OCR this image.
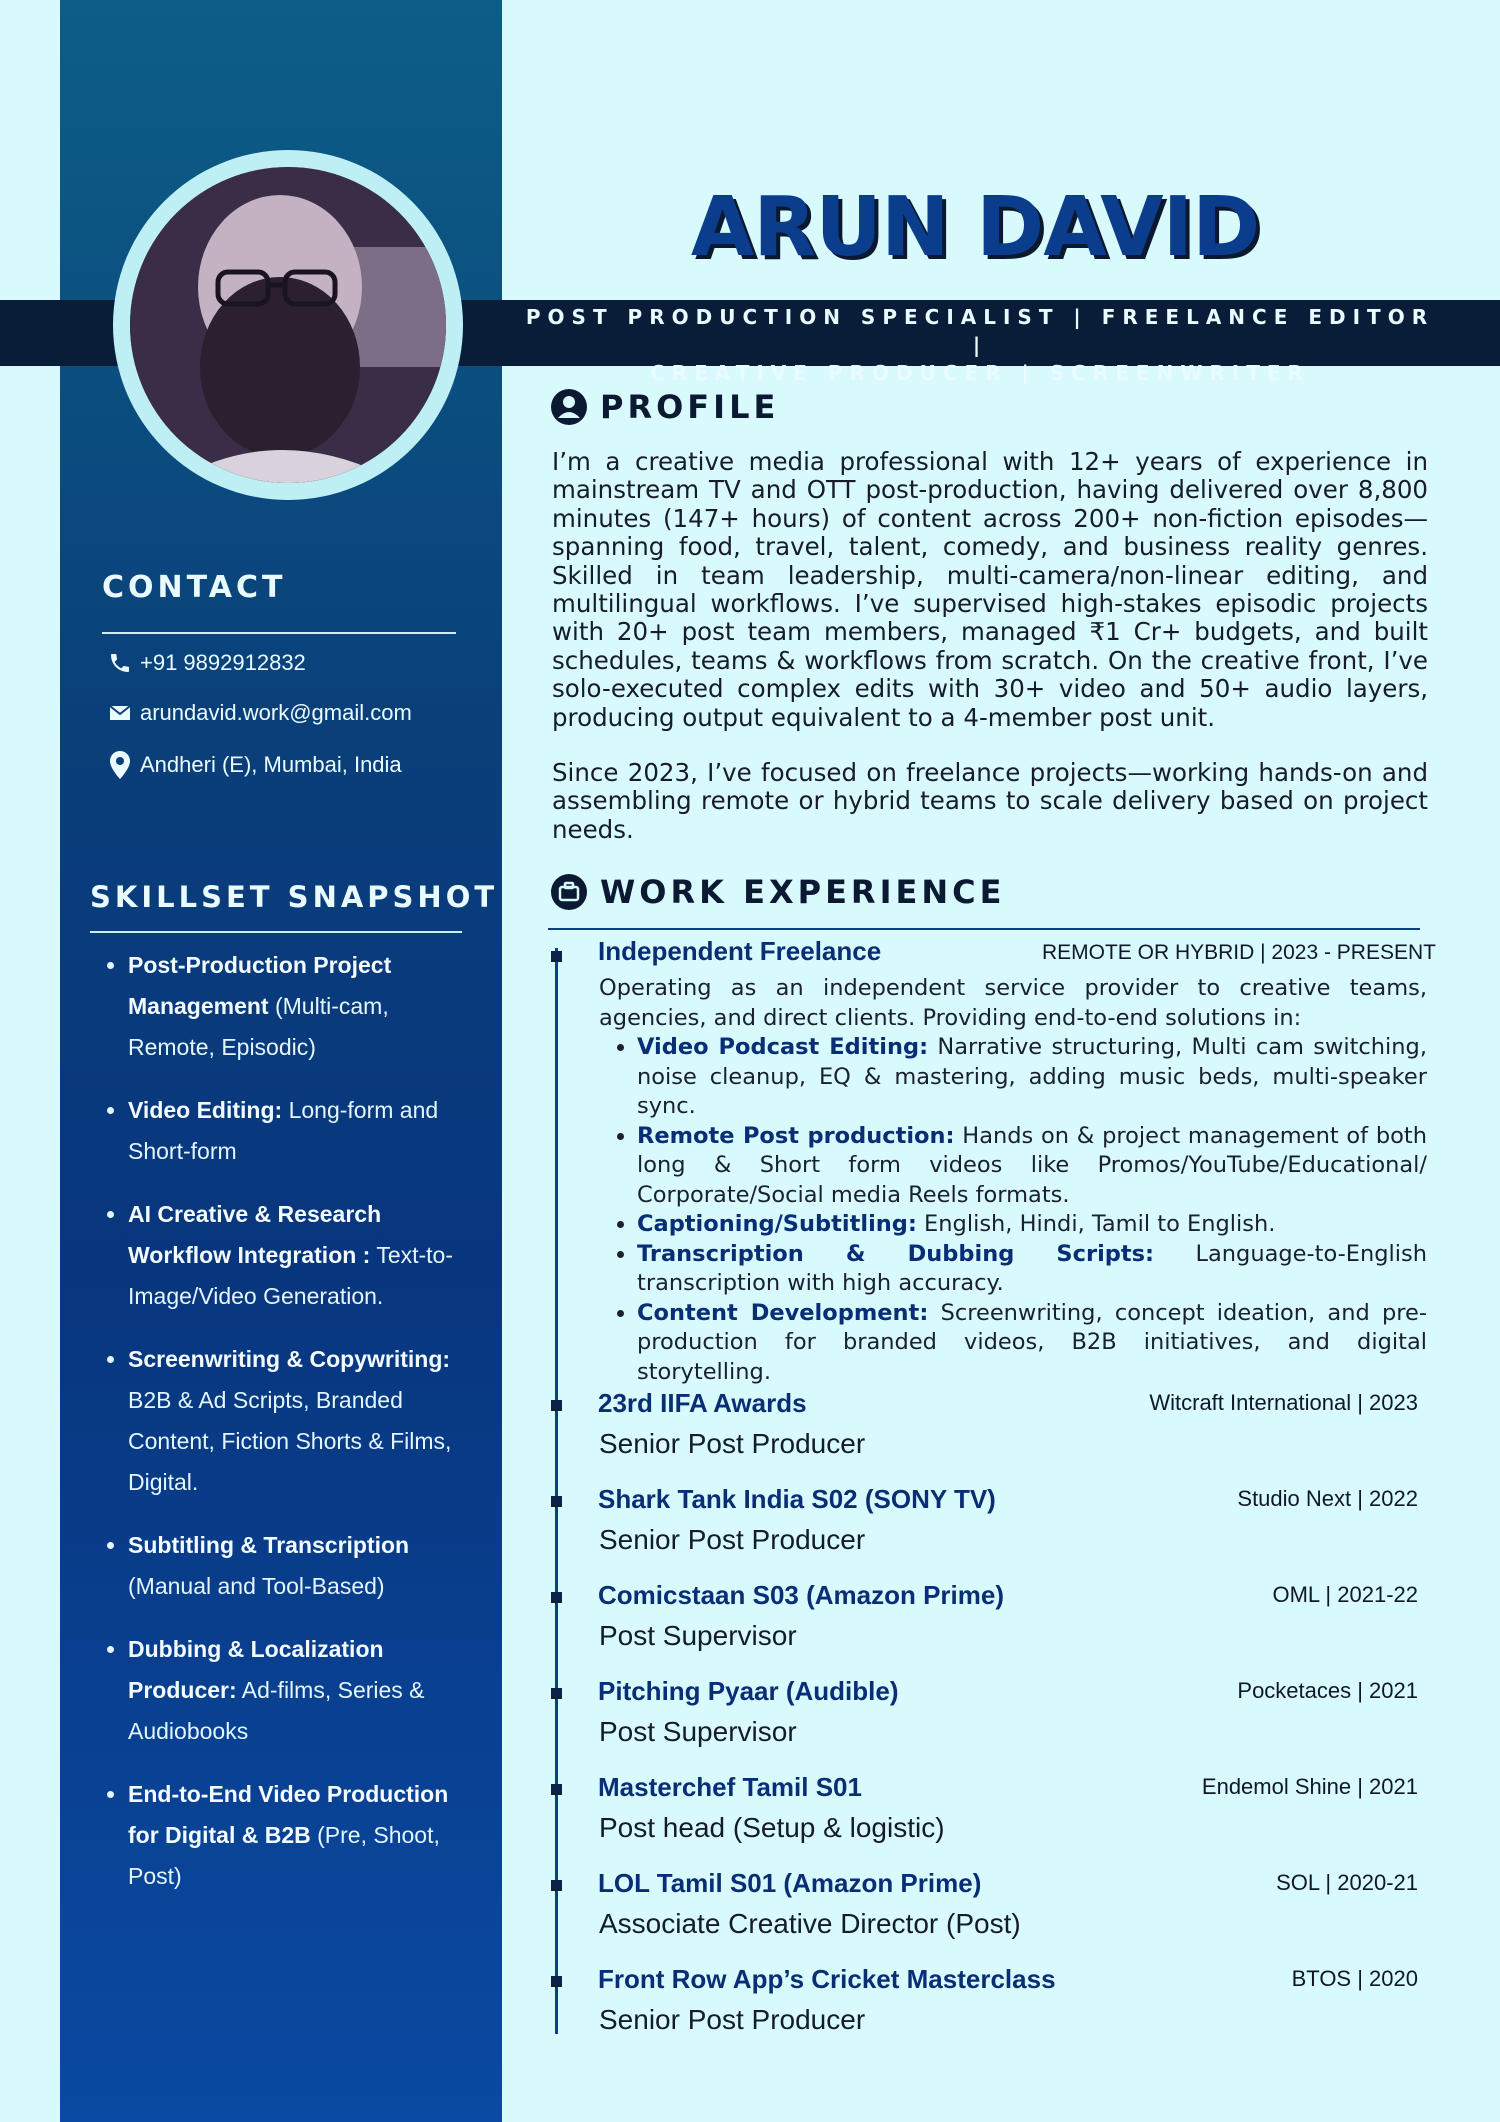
ARUN DAVID
POST PRODUCTION SPECIALIST | FREELANCE EDITOR |
CREATIVE PRODUCER | SCREENWRITER
CONTACT
+91 9892912832
arundavid.work@gmail.com
Andheri (E), Mumbai, India
SKILLSET SNAPSHOT
• Post-Production Project Management (Multi-cam, Remote, Episodic)
• Video Editing: Long-form and Short-form
• AI Creative & Research Workflow Integration : Text-to-Image/Video Generation.
• Screenwriting & Copywriting: B2B & Ad Scripts, Branded Content, Fiction Shorts & Films, Digital.
• Subtitling & Transcription (Manual and Tool-Based)
• Dubbing & Localization Producer: Ad-films, Series & Audiobooks
• End-to-End Video Production for Digital & B2B (Pre, Shoot, Post)
PROFILE

I’m a creative media professional with 12+ years of experience in mainstream TV and OTT post-production, having delivered over 8,800 minutes (147+ hours) of content across 200+ non-fiction episodes—spanning food, travel, talent, comedy, and business reality genres. Skilled in team leadership, multi-camera/non-linear editing, and multilingual workflows. I’ve supervised high-stakes episodic projects with 20+ post team members, managed ₹1 Cr+ budgets, and built schedules, teams & workflows from scratch. On the creative front, I’ve solo-executed complex edits with 30+ video and 50+ audio layers, producing output equivalent to a 4-member post unit.

Since 2023, I’ve focused on freelance projects—working hands-on and assembling remote or hybrid teams to scale delivery based on project needs.

WORK EXPERIENCE
Independent Freelance	REMOTE OR HYBRID | 2023 - PRESENT
Operating as an independent service provider to creative teams, agencies, and direct clients. Providing end-to-end solutions in:
• Video Podcast Editing: Narrative structuring, Multi cam switching, noise cleanup, EQ & mastering, adding music beds, multi-speaker sync.
• Remote Post production: Hands on & project management of both long & Short form videos like Promos/YouTube/Educational/ Corporate/Social media Reels formats.
• Captioning/Subtitling: English, Hindi, Tamil to English.
• Transcription & Dubbing Scripts: Language-to-English transcription with high accuracy.
• Content Development: Screenwriting, concept ideation, and pre-production for branded videos, B2B initiatives, and digital storytelling.
23rd IIFA Awards	Witcraft International | 2023
Senior Post Producer
Shark Tank India S02 (SONY TV)	Studio Next | 2022
Senior Post Producer
Comicstaan S03 (Amazon Prime)	OML | 2021-22
Post Supervisor
Pitching Pyaar (Audible)	Pocketaces | 2021
Post Supervisor
Masterchef Tamil S01	Endemol Shine | 2021
Post head (Setup & logistic)
LOL Tamil S01 (Amazon Prime)	SOL | 2020-21
Associate Creative Director (Post)
Front Row App’s Cricket Masterclass	BTOS | 2020
Senior Post Producer
